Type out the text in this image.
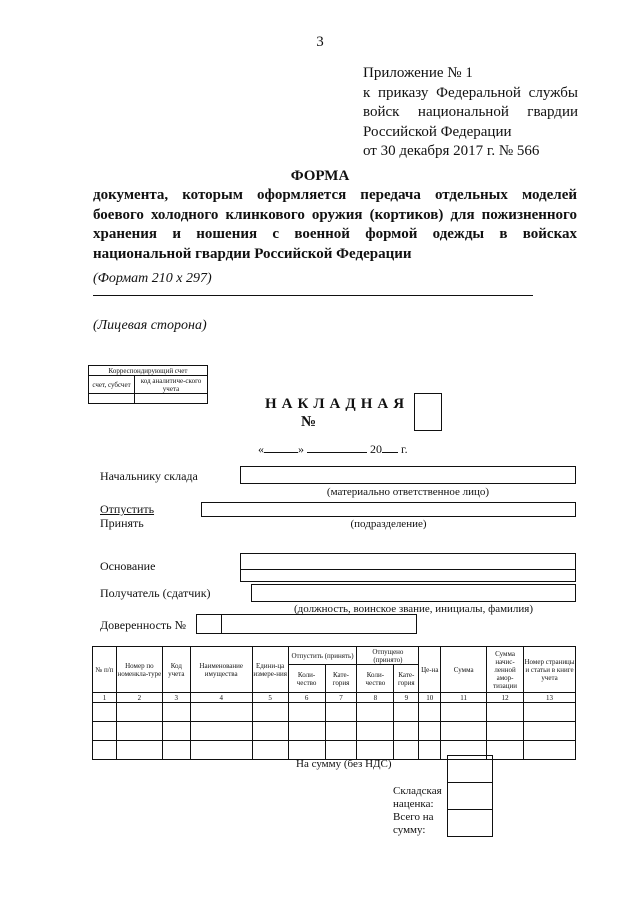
3
Приложение № 1
к приказу Федеральной службы
войск национальной гвардии
Российской Федерации
от 30 декабря 2017 г. № 566
ФОРМА
документа, которым оформляется передача отдельных моделей
боевого холодного клинкового оружия (кортиков) для пожизненного
хранения и ношения с военной формой одежды в войсках
национальной гвардии Российской Федерации
(Формат 210 х 297)
(Лицевая сторона)
Корреспондирующий счет	
счет, субсчет	код аналитиче-ского учета

НАКЛАДНАЯ
№
«	»	20 г.
Начальнику склада
(материально ответственное лицо)
Отпустить
Принять	(подразделение)
Основание
Получатель (сдатчик)
(должность, воинское звание, инициалы, фамилия)
Доверенность №
№ п/п	Номер по номенкла-туре	Код учета	Наименование имущества	Едини-ца измере-ния	Отпустить (принять)		Отпущено (принято)		Це-на	Сумма	Сумма начис-ленной амор-тизации	Номер страницы и статьи в книге учета
					Коли-чество	Кате-гория	Коли-чество	Кате-гория				
1	2	3	4	5	6	7	8	9	10	11	12	13

На сумму (без НДС)
Складская наценка:
Всего на сумму:
